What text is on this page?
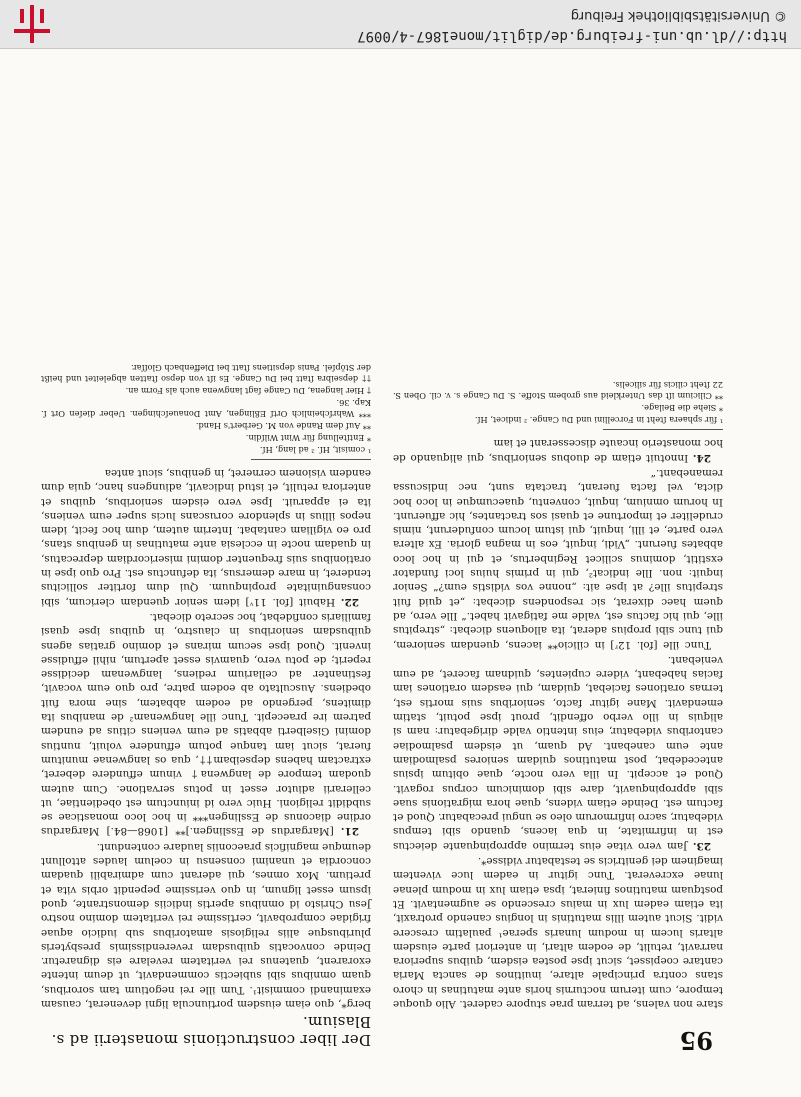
http://dl.ub.uni-freiburg.de/diglit/mone1867-4/0097
© Universitätsbibliothek Freiburg
95
Der liber constructionis monasterii ad s. Blasium.

berg*, quo eiam eiusdem portiuncula ligni devenerat, causam examinandi commisit¹. Tum ille rei negotium tam sororibus, quam omnibus sibi subiectis commendavit, ut deum intente exorarent, quatenus rei veritatem revelare eis dignaretur. Deinde convocatis quibusdam reverendissimis presbyteris pluribusque aliis religiosis amatoribus sub iudicio aquae frigidae comprobavit, certissime rei veritatem domino nostro Jesu Christo id omnibus apertis indiciis demonstrante, quod ipsum esset lignum, in quo verissime pependit orbis vita et pretium. Mox omnes, qui aderant cum admirabili quadam concordia et unanimi consensu in coelum laudes attollunt deumque magnificis praeconiis laudare contendunt.

21. [Margardus de Esslingen.]** [1068—84.] Margardus ordine diaconus de Esslingen*** in hoc loco monasticae se subdidit religioni. Huic vero id iniunctum est obedientiae, ut cellerarii adiutor esset in potus servatione. Cum autem quodam tempore de langwena† vinum effundere deberet, extractam habens depseibam††, qua os langwenae munitum fuerat, sicut iam tanque potum effundere voluit, nuntius domini Giselberti abbatis ad eum veniens citius ad eundem patrem ire praecepit. Tunc ille langwenam² de manibus ita dimitens, pergendo ad eodem abbatem, sine mora fuit obediens. Auscultato ab eodem patre, pro quo eum vocavit, festinanter ad cellarium rediens, langwenam decidisse reperit; de potu vero, quamvis esset apertum, nihil effudisse invenit. Quod ipse secum mirans et domino gratias agens quibusdam senioribus in claustro, in quibus ipse quasi familiaris confidebat, hoc secreto dicebat.

22. Habuit [fol. 11ᵛ] idem senior quendam clericum, sibi consanguinitate propinquum. Qui dum fortiter sollicitus tenderet, in mare demersus, ita defunctus est. Pro quo ipse in orationibus suis frequenter domini misericordiam deprecatus, in quadam nocte in ecclesia ante matutinas in genibus stans, pro eo vigiliam cantabat. Interim autem, dum hoc fecit, idem nepos illius in splendore coruscans lucis super eum veniens, ita ei apparuit. Ipse vero eisdem senioribus, quibus et anteriora retulit, et istud indicavit, adiungens hanc, quia dum eandem visionem cerneret, in genibus, sicut antea

¹ comisit, Hſ. ² ad lang, Hſ.
* Entſtellung für Wint Wilſdin.
** Auf dem Rande von M. Gerbert's Hand.
*** Wahrſcheinlich Ortſ Eßlingen, Amt Donaueſchingen. Ueber dieſen Ort ſ. Kap. 36.
† Hier langena, Du Cange ſagt langwena auch als Form an.
†† depseibra ſtatt bei Du Cange. Es iſt von depso ſtatten abgeleitet und heißt der Stöpſel. Panis depsitiens ſtatt bei Dieffenbach Gloſſar.

stare non valens, ad terram prae stupore caderet. Alio quoque tempore, cum iterum nocturnis horis ante matutinas in choro stans contra principale altare, inuitinos de sancta Maria cantare coepisset, sicut ipse postea eisdem, quibus superiora narravit, retulit, de eodem altari, in anteriori parte eiusdem altaris lucem in modum lunaris sperae¹ paulatim crescere vidit. Sicut autem illis matutinis in longius canendo protraxit, ita etiam eadem lux in maius crescendo se augmentavit. Et postquam matutinos finierat, ipsa etiam lux in modum plenae lunae excreverat. Tunc igitur in eadem luce viventem imaginem dei genitricis se testabatur vidisse*.

23. Jam vero vitae eius termino appropinquante deiectus est in infirmitate, in qua iacens, quando sibi tempus videbatur, sacro infirmorum oleo se ungui precabatur. Quod et factum est. Deinde etiam videns, quae hora migrationis suae sibi appropinquavit, dare sibi dominicum corpus rogavit. Quod et accepit. In illa vero nocte, quae obitum ipsius antecedebat, post matutinos quidam seniores psalmodiam ante eum canebant. Ad quam, ut eisdem psalmodiae cantoribus videbatur, eius intentio valde dirigebatur: nam si aliquis in illo verbo offendit, prout ipse potuit, statim emendavit. Mane igitur facto, senioribus suis mortis est, ternas orationes faciebat, quidam, qui easdem orationes iam facias habebant, videre cupientes, quidnam faceret, ad eum veniebant.

Tunc ille [fol. 12ʳ] in cilicio** iacens, quendam seniorem, qui tunc sibi propius aderat, ita alloquens dicebat: „strepitus ille, qui hic factus est, valde me fatigavit habet.“ Ille vero, ad quem haec dixerat, sic respondens dicebat: „et quid fuit strepitus ille? at ipse ait: „nonne vos vidistis eum?“ Senior inquit: non. Ille indicat², qui in primis huius loci fundator exstitit, dominus scilicet Reginbertus, et qui in hoc loco abbates fuerunt. „Vidi, inquit, eos in magna gloria. Ex altera vero parte, et illi, inquit, qui istum locum confuderunt, nimis crudeliter et importune et quasi sos tractantes, hic affuerunt. In horum omnium, inquit, conventu, quaecumque in loco hoc dicta, vel facta fuerant, tractata sunt, nec indiscussa remanebant.“

24. Innotuit etiam de duobus senioribus, qui aliquando de hoc monasterio incaute discesserant et iam

¹ für sphaera ſteht in Forcellini und Du Cange. ² indicet, Hſ.
* Siehe die Beilage.
** Cilicium iſt das Unterkleid aus grobem Stoffe. S. Du Cange s. v. cil. Oben S. 22 ſteht cilicis für silicelis.
